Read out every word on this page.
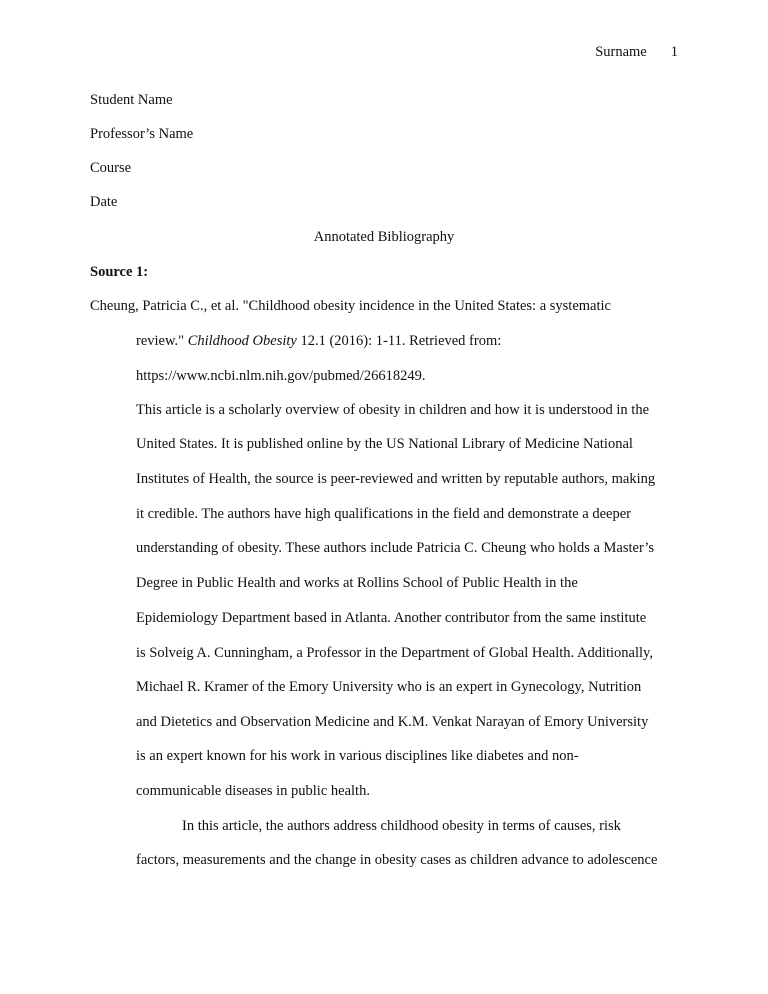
Surname 1
Student Name
Professor’s Name
Course
Date
Annotated Bibliography
Source 1:
Cheung, Patricia C., et al. "Childhood obesity incidence in the United States: a systematic
review." Childhood Obesity 12.1 (2016): 1-11. Retrieved from:
https://www.ncbi.nlm.nih.gov/pubmed/26618249.
This article is a scholarly overview of obesity in children and how it is understood in the
United States. It is published online by the US National Library of Medicine National
Institutes of Health, the source is peer-reviewed and written by reputable authors, making
it credible. The authors have high qualifications in the field and demonstrate a deeper
understanding of obesity. These authors include Patricia C. Cheung who holds a Master’s
Degree in Public Health and works at Rollins School of Public Health in the
Epidemiology Department based in Atlanta. Another contributor from the same institute
is Solveig A. Cunningham, a Professor in the Department of Global Health. Additionally,
Michael R. Kramer of the Emory University who is an expert in Gynecology, Nutrition
and Dietetics and Observation Medicine and K.M. Venkat Narayan of Emory University
is an expert known for his work in various disciplines like diabetes and non-
communicable diseases in public health.
In this article, the authors address childhood obesity in terms of causes, risk
factors, measurements and the change in obesity cases as children advance to adolescence
